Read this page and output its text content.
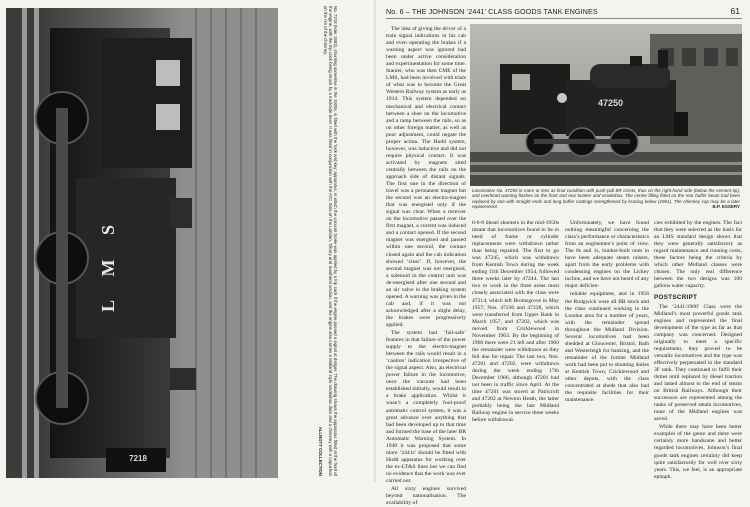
L M S
7218	No. 7218 (later 1883), shunting sometime in the 1920s, is fitted with the ‘lock and key’ apparatus, in which the vacuum brake was applied by a trip cock if the engine passed a signal at danger. The drawing shows the apparatus fitted at the front of the engine, with the trip cock being struck by a trackside lever. It was fitted in conjunction with the ATC trials on the London, Tilbury and Southend section, and the engine also carries a Midland style smokebox door and a chimney with a capuchon on the rim of the chimney.
ALLNOTT COLLECTION
No. 6 – THE JOHNSON ‘2441’ CLASS GOODS TANK ENGINES	61

The idea of giving the driver of a train signal indications in his cab and even operating the brakes if a warning aspect was ignored had been under active consideration and experimentation for some time. Stanier, who was then CME of the LMS, had been involved with trials of what was to become the Great Western Railway system as early as 1914. This system depended on mechanical and electrical contact between a shoe on the locomotive and a ramp between the rails, so as on other foreign matter, as well as poor adjustment, could negate the proper action. The Hudd system, however, was inductive and did not require physical contact. It was activated by magnets sited centrally between the rails on the approach side of distant signals. The first one in the direction of travel was a permanent magnet but the second was an electro-magnet that was energised only if the signal was clear. When a receiver on the locomotive passed over the first magnet, a current was induced and a contact opened. If the second magnet was energised and passed within one second, the contact closed again and the cab indication showed ‘clear’. If, however, the second magnet was not energised, a solenoid in the control unit was de-energised after one second and an air valve in the braking system opened. A warning was given in the cab and, if it was not acknowledged after a slight delay, the brakes were progressively applied.

The system had ‘fail-safe’ features in that failure of the power supply to the electro-magnet between the rails would result in a ‘caution’ indication irrespective of the signal aspect. Also, an electrical power failure in the locomotive, once the vacuum had been established initially, would result in a brake application. Whilst it wasn’t a completely fool-proof automatic control system, it was a great advance over anything that had been developed up to that time and formed the base of the later BR Automatic Warning System. In 1940 it was proposed that some more ‘2441s’ should be fitted with Hudd apparatus for working over the ex-LT&S lines but we can find no evidence that the work was ever carried out.

All sixty engines survived beyond nationalisation. The availability of

47250
Locomotive No. 47250 in more or less as final condition with push-pull BR crests, thus on the right-hand side (below the cement tip), and overhead warning flashes on the front and rear bunker and smokebox. The centre filling fitted on the rear buffer beam had been replaced by one with straight ends and long buffer castings strengthened by bracing below (1961). The chimney cap may be a later replacement.	B.P. ESSERY

6-6-0 diesel shunters in the mid-1950s meant that locomotives found to be in need of frame or cylinder replacements were withdrawn rather than being repaired. The first to go was 47245, which was withdrawn from Kentish Town during the week ending 11th December 1954, followed three weeks later by 47244. The last two to work in the three areas most closely associated with the class were 47214, which left Bromsgrove in May 1957; Nos. 47236 and 47238, which were transferred from Upper Bank in March 1957, and 47202, which was moved from Cricklewood in November 1963. By the beginning of 1960 there were 21 left and after 1960 the remainder were withdrawn as they fell due for repair. The last two, Nos. 47201 and 47202, were withdrawn during the week ending 17th December 1966, although 47201 had not been in traffic since April. At the time 47201 was stored at Patricroft and 47202 at Newton Heath, the latter probably being the last Midland Railway engine in service three weeks before withdrawal.

Unfortunately, we have found nothing meaningful concerning the class’s performance or characteristics from an enginemen’s point of view. The 0s and 1s, bunker-built ones in have been adequate steam raisers, apart from the early problems with condensing engines on the Lickey incline, and we have not heard of any major deficien-

reliable equipment, and in 1956 the Rudgwick were all BR stock and the class continued working in the London area for a number of years, with the remainder spread throughout the Midland Division. Several locomotives had been shedded at Gloucester, Bristol, Bath and Westerleigh for banking, and the remainder of the former Midland work had been put to shunting duties at Kentish Town, Cricklewood and other depots, with the class concentrated at sheds that also had the requisite facilities for their maintenance.

cies exhibited by the engines. The fact that they were selected as the basis for an LMS standard design shows that they were generally satisfactory as regard maintenance and running costs, these factors being the criteria by which other Midland classes were chosen. The only real difference between the two designs was 100 gallons water capacity.

POSTSCRIPT

The ‘2441/1900’ Class were the Midland’s most powerful goods tank engines and represented the final development of the type as far as that company was concerned. Designed originally to meet a specific requirement, they proved to be versatile locomotives and the type was effectively perpetuated in the standard 3F tank. They continued to fulfil their duties until replaced by diesel traction and lasted almost to the end of steam on British Railways. Although their successors are represented among the ranks of preserved steam locomotives, none of the Midland engines was saved.

While there may have been better examples of the genre and there were certainly more handsome and better regarded locomotives, Johnson’s final goods tank engines certainly did keep quite satisfactorily for well over sixty years. This, we feel, is an appropriate epitaph.
